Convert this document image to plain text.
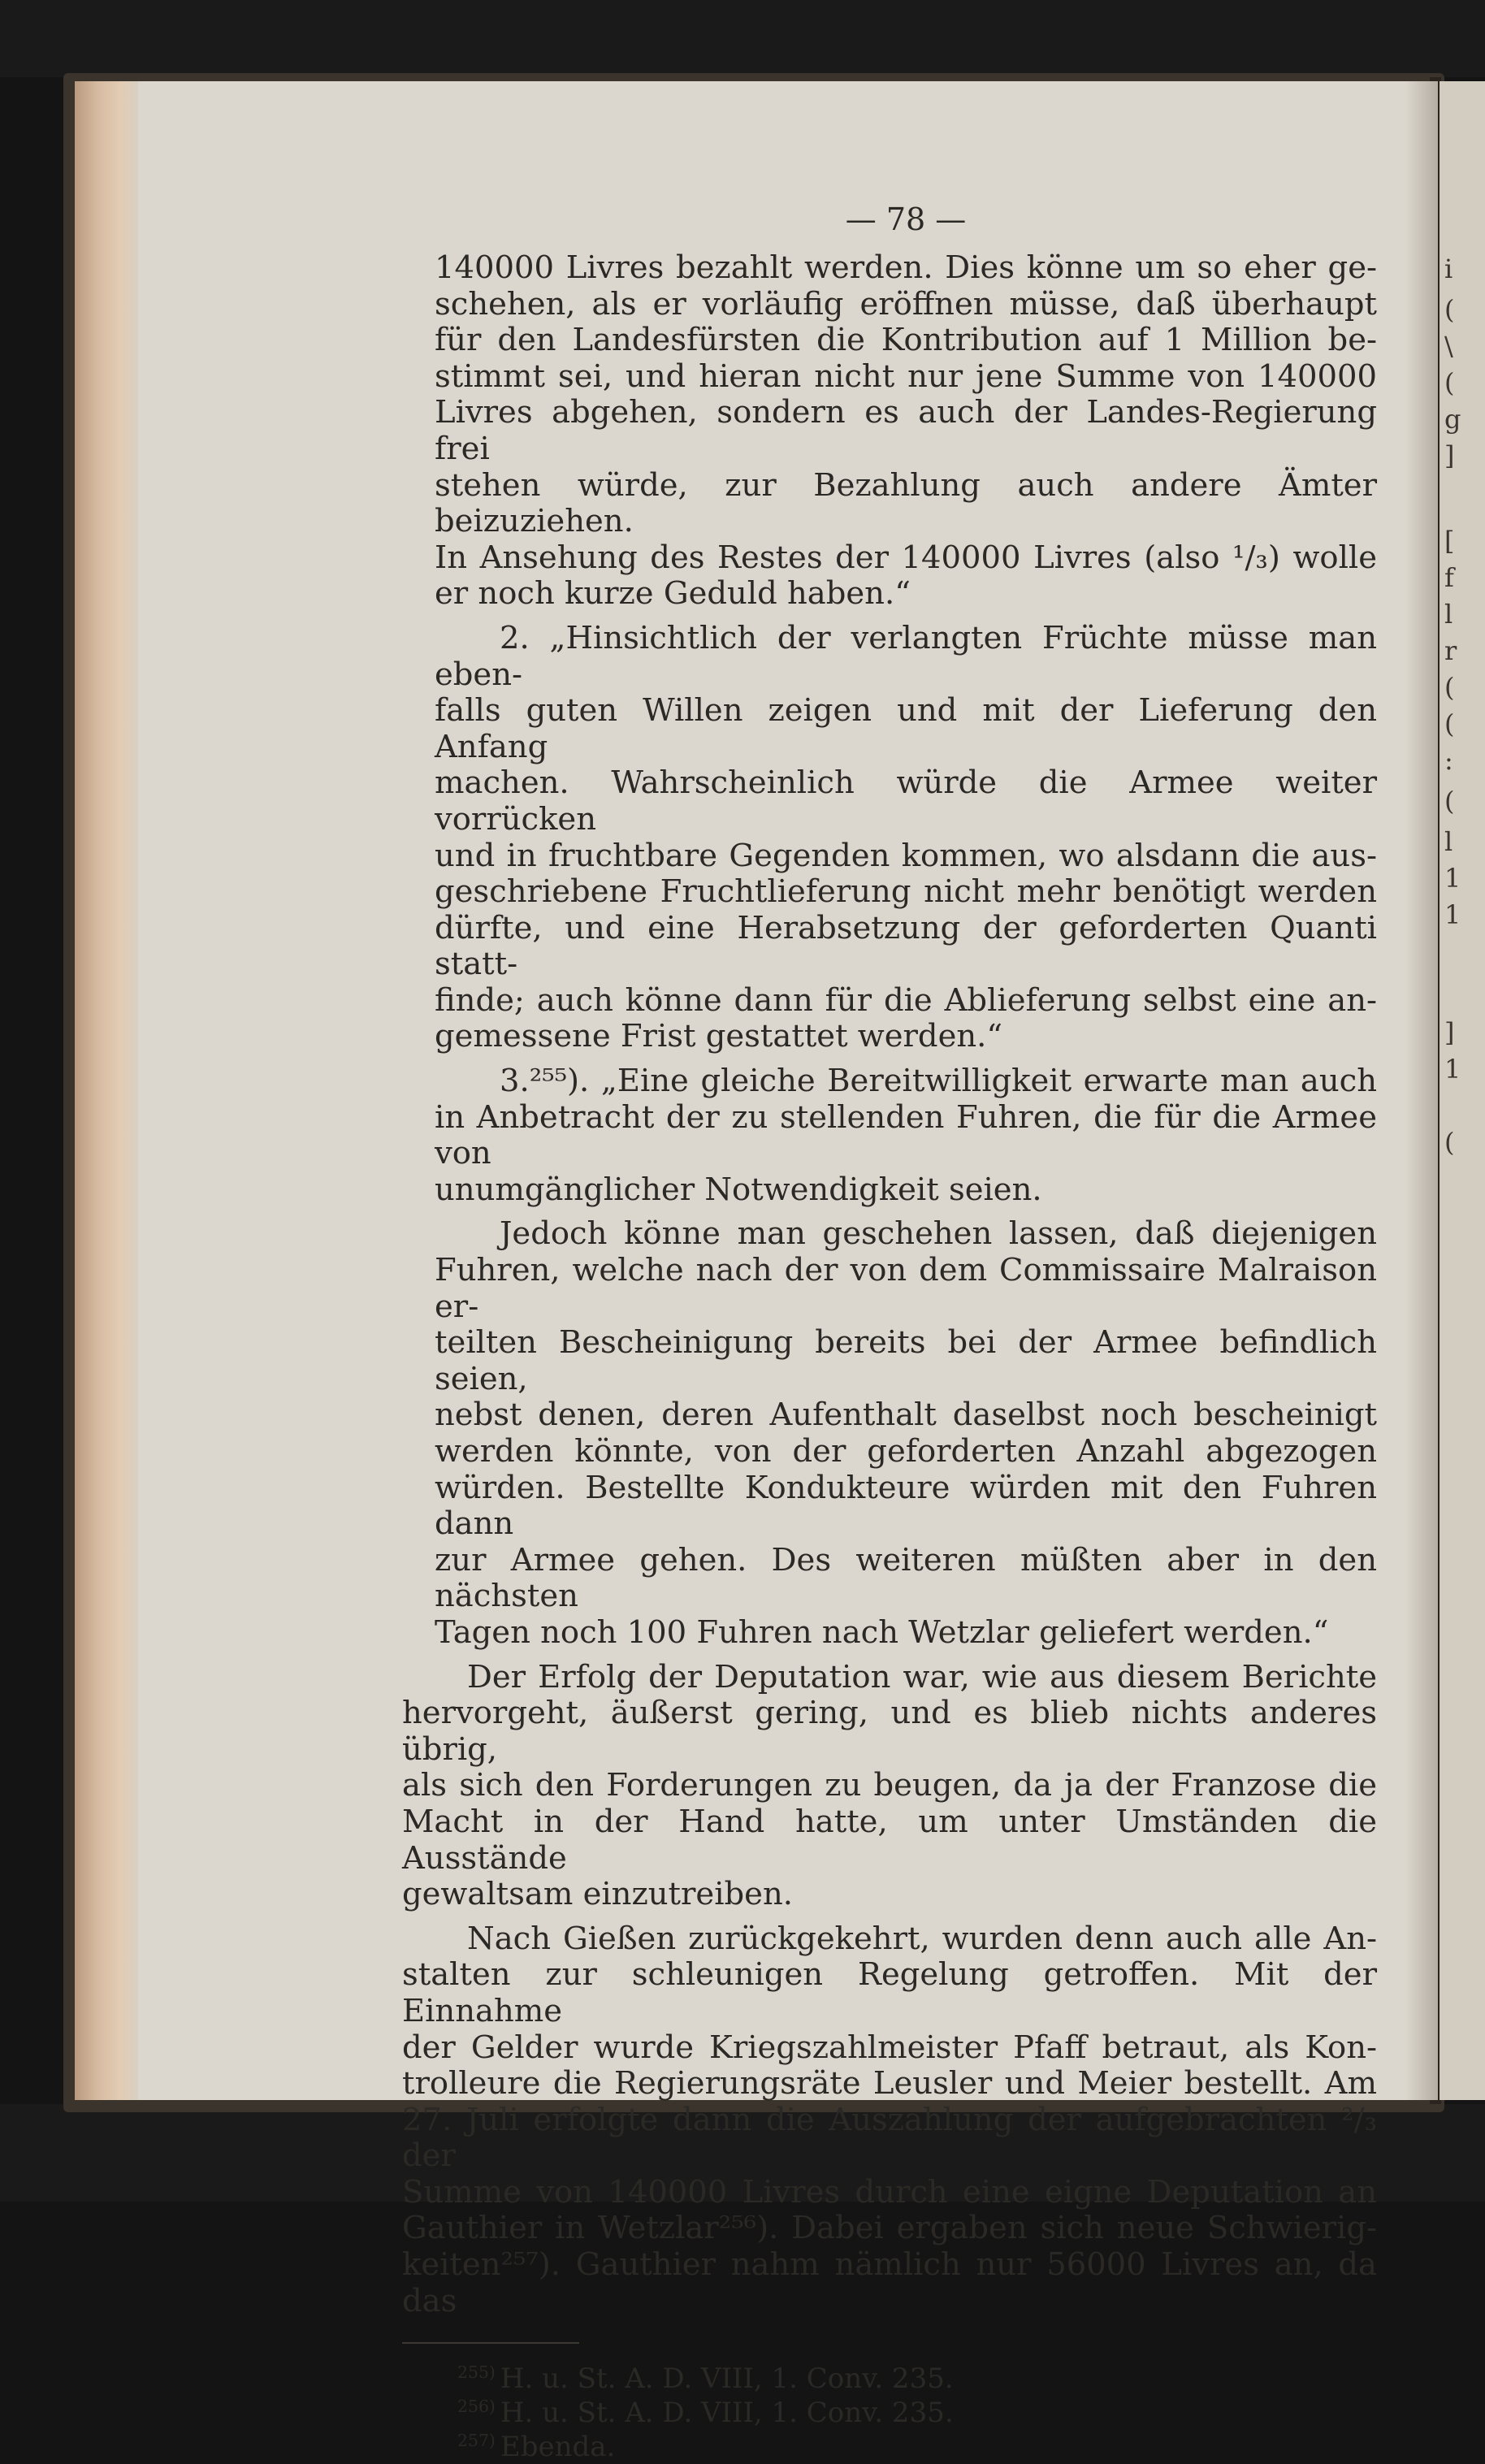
i
(
\
(
g
]
[
f
l
r
(
(
:
(
l
1
1
]
1
(
— 78 —

140000 Livres bezahlt werden. Dies könne um so eher ge-

schehen, als er vorläufig eröffnen müsse, daß überhaupt

für den Landesfürsten die Kontribution auf 1 Million be-

stimmt sei, und hieran nicht nur jene Summe von 140000

Livres abgehen, sondern es auch der Landes-Regierung frei

stehen würde, zur Bezahlung auch andere Ämter beizuziehen.

In Ansehung des Restes der 140000 Livres (also ¹/₃) wolle

er noch kurze Geduld haben.“

2. „Hinsichtlich der verlangten Früchte müsse man eben-

falls guten Willen zeigen und mit der Lieferung den Anfang

machen. Wahrscheinlich würde die Armee weiter vorrücken

und in fruchtbare Gegenden kommen, wo alsdann die aus-

geschriebene Fruchtlieferung nicht mehr benötigt werden

dürfte, und eine Herabsetzung der geforderten Quanti statt-

finde; auch könne dann für die Ablieferung selbst eine an-

gemessene Frist gestattet werden.“

3.²⁵⁵). „Eine gleiche Bereitwilligkeit erwarte man auch

in Anbetracht der zu stellenden Fuhren, die für die Armee von

unumgänglicher Notwendigkeit seien.

Jedoch könne man geschehen lassen, daß diejenigen

Fuhren, welche nach der von dem Commissaire Malraison er-

teilten Bescheinigung bereits bei der Armee befindlich seien,

nebst denen, deren Aufenthalt daselbst noch bescheinigt

werden könnte, von der geforderten Anzahl abgezogen

würden. Bestellte Kondukteure würden mit den Fuhren dann

zur Armee gehen. Des weiteren müßten aber in den nächsten

Tagen noch 100 Fuhren nach Wetzlar geliefert werden.“

Der Erfolg der Deputation war, wie aus diesem Berichte

hervorgeht, äußerst gering, und es blieb nichts anderes übrig,

als sich den Forderungen zu beugen, da ja der Franzose die

Macht in der Hand hatte, um unter Umständen die Ausstände

gewaltsam einzutreiben.

Nach Gießen zurückgekehrt, wurden denn auch alle An-

stalten zur schleunigen Regelung getroffen. Mit der Einnahme

der Gelder wurde Kriegszahlmeister Pfaff betraut, als Kon-

trolleure die Regierungsräte Leusler und Meier bestellt. Am

27. Juli erfolgte dann die Auszahlung der aufgebrachten ²/₃ der

Summe von 140000 Livres durch eine eigne Deputation an

Gauthier in Wetzlar²⁵⁶). Dabei ergaben sich neue Schwierig-

keiten²⁵⁷). Gauthier nahm nämlich nur 56000 Livres an, da das

$^{255)}$ H. u. St. A. D. VIII, 1. Conv. 235.
$^{256)}$ H. u. St. A. D. VIII, 1. Conv. 235.
$^{257)}$ Ebenda.
